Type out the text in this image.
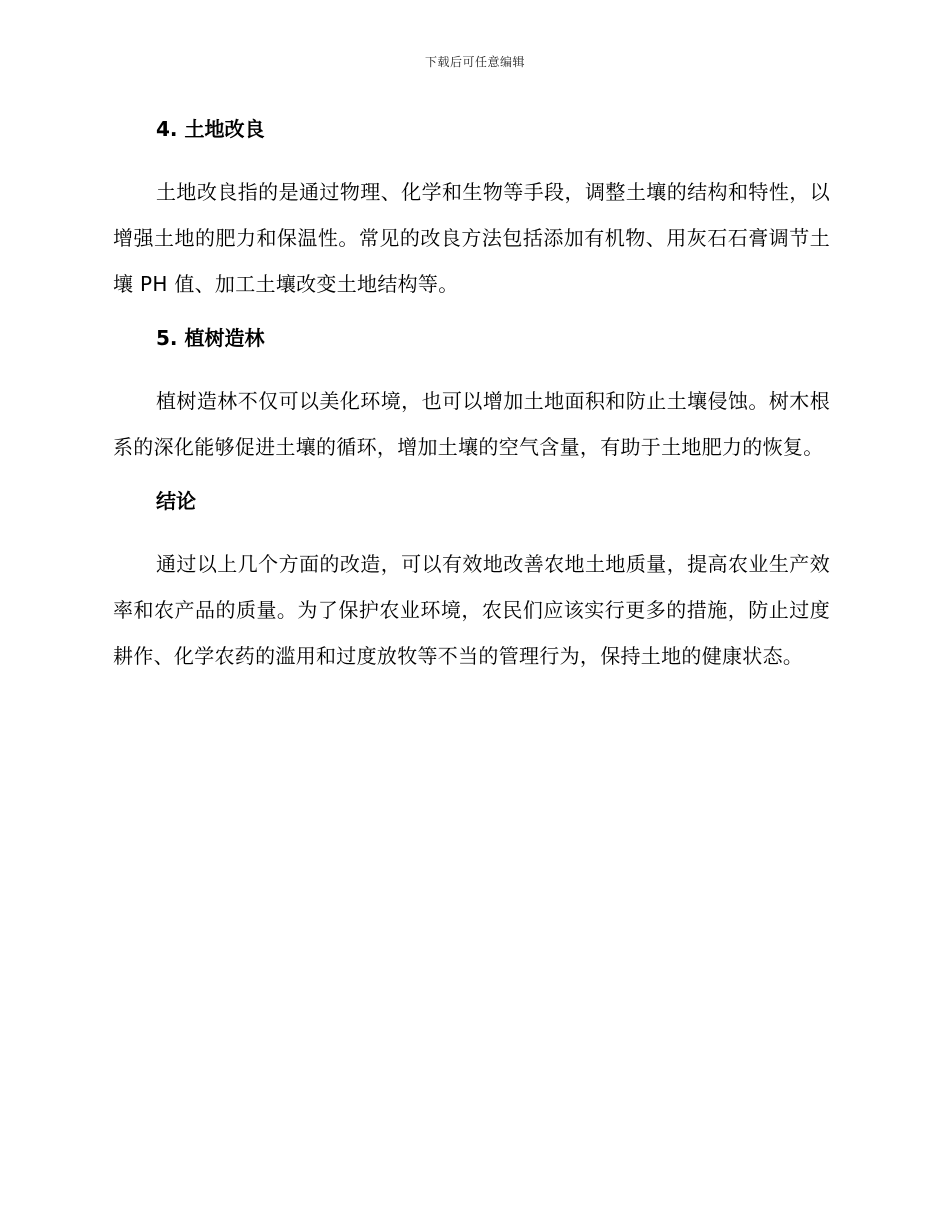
下载后可任意编辑
4. 土地改良

土地改良指的是通过物理、化学和生物等手段，调整土壤的结构和特性，以增强土地的肥力和保温性。常见的改良方法包括添加有机物、用灰石石膏调节土壤 PH 值、加工土壤改变土地结构等。

5. 植树造林

植树造林不仅可以美化环境，也可以增加土地面积和防止土壤侵蚀。树木根系的深化能够促进土壤的循环，增加土壤的空气含量，有助于土地肥力的恢复。

结论

通过以上几个方面的改造，可以有效地改善农地土地质量，提高农业生产效率和农产品的质量。为了保护农业环境，农民们应该实行更多的措施，防止过度耕作、化学农药的滥用和过度放牧等不当的管理行为，保持土地的健康状态。
